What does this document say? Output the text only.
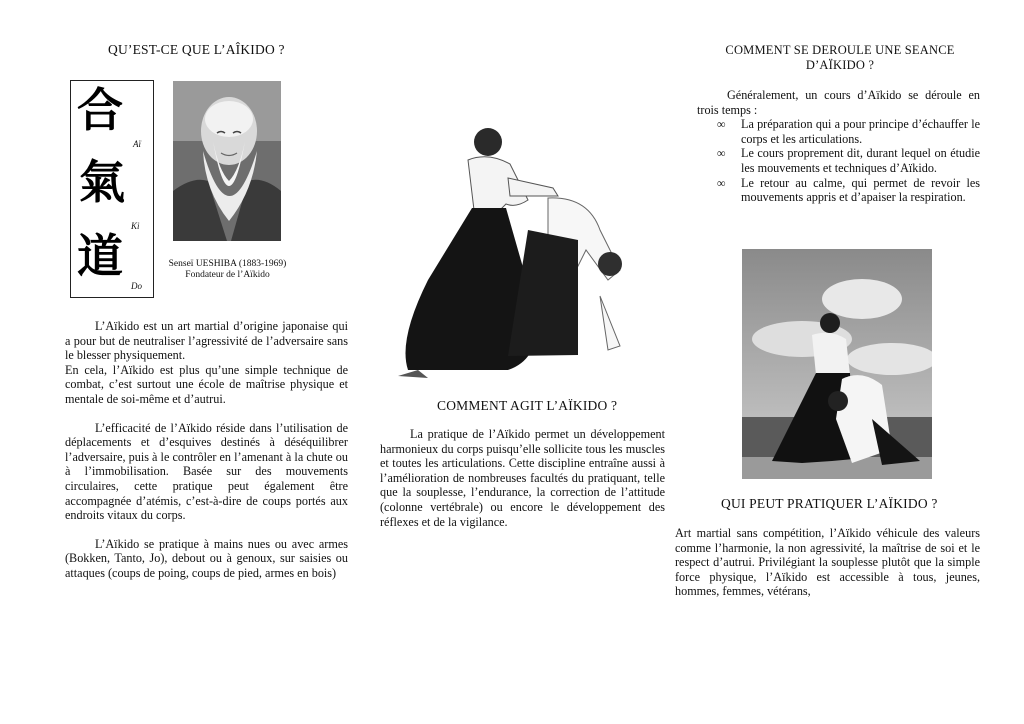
QU’EST-CE QUE L’AÎKIDO ?
合
Aï
氣
Ki
道
Do
Senseï UESHIBA (1883-1969)
Fondateur de l’Aïkido

L’Aïkido est un art martial d’origine japonaise qui a pour but de neutraliser l’agressivité de l’adversaire sans le blesser physiquement.

En cela, l’Aïkido est plus qu’une simple technique de combat, c’est surtout une école de maîtrise physique et mentale de soi-même et d’autrui.

L’efficacité de l’Aïkido réside dans l’utilisation de déplacements et d’esquives destinés à déséquilibrer l’adversaire, puis à le contrôler en l’amenant à la chute ou à l’immobilisation. Basée sur des mouvements circulaires, cette pratique peut également être accompagnée d’atémis, c’est-à-dire de coups portés aux endroits vitaux du corps.

L’Aïkido se pratique à mains nues ou avec armes (Bokken, Tanto, Jo), debout ou à genoux, sur saisies ou attaques (coups de poing, coups de pied, armes en bois)

COMMENT AGIT L’AÏKIDO ?

La pratique de l’Aïkido permet un développement harmonieux du corps puisqu’elle sollicite tous les muscles et toutes les articulations. Cette discipline entraîne aussi à l’amélioration de nombreuses facultés du pratiquant, telle que la souplesse, l’endurance, la correction de l’attitude (colonne vertébrale) ou encore le développement des réflexes et de la vigilance.

COMMENT SE DEROULE UNE SEANCE
D’AÏKIDO ?

Généralement, un cours d’Aïkido se déroule en trois temps :

∞ La préparation qui a pour principe d’échauffer le corps et les articulations.
∞ Le cours proprement dit, durant lequel on étudie les mouvements et techniques d’Aïkido.
∞ Le retour au calme, qui permet de revoir les mouvements appris et d’apaiser la respiration.
QUI PEUT PRATIQUER L’AÏKIDO ?

Art martial sans compétition, l’Aïkido véhicule des valeurs comme l’harmonie, la non agressivité, la maîtrise de soi et le respect d’autrui. Privilégiant la souplesse plutôt que la simple force physique, l’Aïkido est accessible à tous, jeunes, hommes, femmes, vétérans,
